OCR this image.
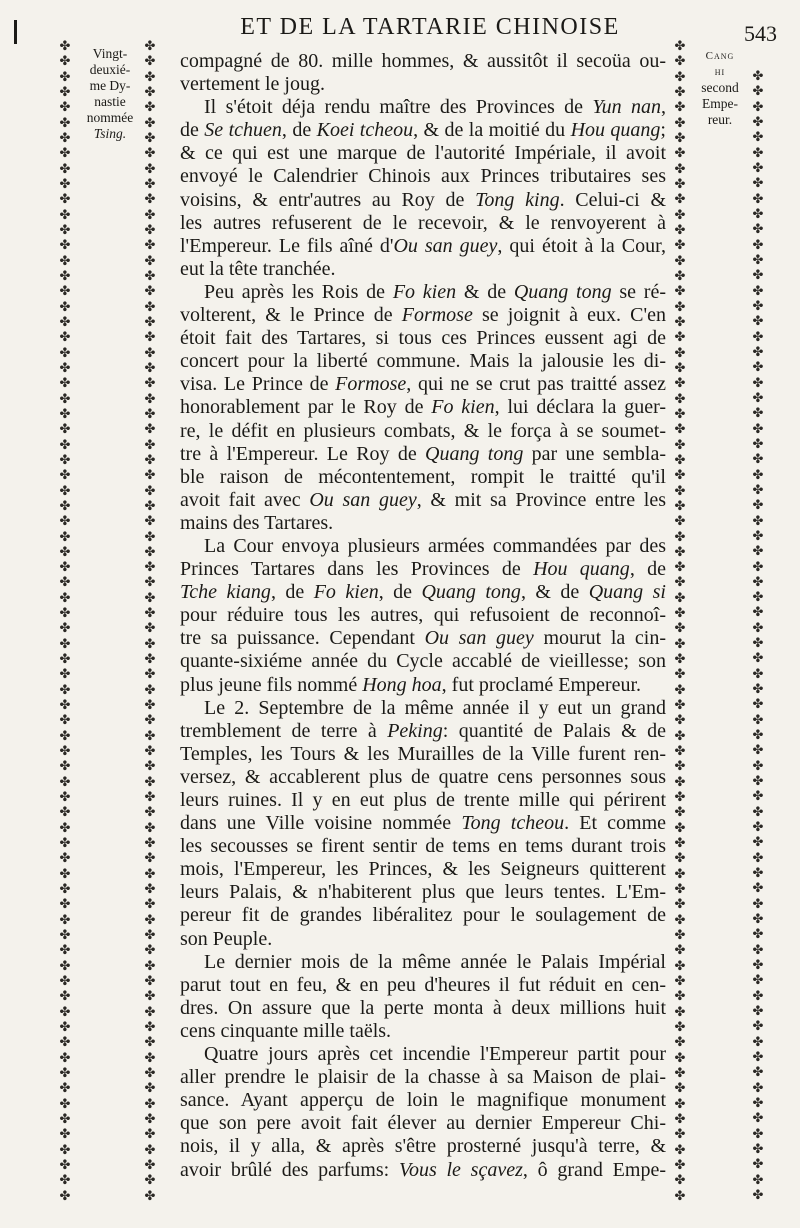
ET DE LA TARTARIE CHINOISE	543
✤
✤
✤
✤
✤
✤
✤
✤
✤
✤
✤
✤
✤
✤
✤
✤
✤
✤
✤
✤
✤
✤
✤
✤
✤
✤
✤
✤
✤
✤
✤
✤
✤
✤
✤
✤
✤
✤
✤
✤
✤
✤
✤
✤
✤
✤
✤
✤
✤
✤
✤
✤
✤
✤
✤
✤
✤
✤
✤
✤
✤
✤
✤
✤
✤
✤
✤
✤
✤
✤
✤
✤
✤
✤
✤
✤
✤
✤
✤
✤
✤
✤
✤
✤
✤
✤
✤
✤
✤
✤
✤
✤
✤
✤
✤
✤
✤
✤
✤
✤
✤
✤
✤
✤
✤
✤
✤
✤
✤
✤
✤
✤
✤
✤
✤
✤
✤
✤
✤
✤
✤
✤
✤
✤
✤
✤
✤
✤
✤
✤
✤
✤
✤
✤
✤
✤
✤
✤
✤
✤
✤
✤
✤
✤
✤
✤
✤
✤
✤
✤
✤
✤
✤
✤
✤
✤
✤
✤
✤
✤
✤
✤
✤
✤
✤
✤
✤
✤
✤
✤
✤
✤
✤
✤
✤
✤
✤
✤
✤
✤
✤
✤
✤
✤
✤
✤
✤
✤
✤
✤
✤
✤
✤
✤
✤
✤
✤
✤
✤
✤
✤
✤
✤
✤
✤
✤
✤
✤
✤
✤
✤
✤
✤
✤
✤
✤
✤
✤
✤
✤
✤
✤
✤
✤
✤
✤
✤
✤
✤
✤
✤
✤
✤
✤
✤
✤
✤
✤
✤
✤
✤
✤
✤
✤
✤
✤
✤
✤
✤
✤
✤
✤
✤
✤
✤
✤
✤
✤
✤
✤
✤
✤
✤
✤
✤
✤
✤
✤
✤
✤
✤
✤
✤
✤
✤
✤
✤
✤
✤
✤
✤
✤
✤
✤
✤
✤
✤
✤
✤
✤
✤
✤
✤
✤
✤
✤
✤
✤
✤
✤
✤
✤
Vingt-
deuxié-
me Dy-
nastie
nommée
Tsing.
Cang
hi
second
Empe-
reur.
compagné de 80. mille hommes, & aussitôt il secoüa ou-
vertement le joug.
Il s'étoit déja rendu maître des Provinces de Yun nan,
de Se tchuen, de Koei tcheou, & de la moitié du Hou quang;
& ce qui est une marque de l'autorité Impériale, il avoit
envoyé le Calendrier Chinois aux Princes tributaires ses
voisins, & entr'autres au Roy de Tong king. Celui-ci &
les autres refuserent de le recevoir, & le renvoyerent à
l'Empereur. Le fils aîné d'Ou san guey, qui étoit à la Cour,
eut la tête tranchée.
Peu après les Rois de Fo kien & de Quang tong se ré-
volterent, & le Prince de Formose se joignit à eux. C'en
étoit fait des Tartares, si tous ces Princes eussent agi de
concert pour la liberté commune. Mais la jalousie les di-
visa. Le Prince de Formose, qui ne se crut pas traitté assez
honorablement par le Roy de Fo kien, lui déclara la guer-
re, le défit en plusieurs combats, & le força à se soumet-
tre à l'Empereur. Le Roy de Quang tong par une sembla-
ble raison de mécontentement, rompit le traitté qu'il
avoit fait avec Ou san guey, & mit sa Province entre les
mains des Tartares.
La Cour envoya plusieurs armées commandées par des
Princes Tartares dans les Provinces de Hou quang, de
Tche kiang, de Fo kien, de Quang tong, & de Quang si
pour réduire tous les autres, qui refusoient de reconnoî-
tre sa puissance. Cependant Ou san guey mourut la cin-
quante-sixiéme année du Cycle accablé de vieillesse; son
plus jeune fils nommé Hong hoa, fut proclamé Empereur.
Le 2. Septembre de la même année il y eut un grand
tremblement de terre à Peking: quantité de Palais & de
Temples, les Tours & les Murailles de la Ville furent ren-
versez, & accablerent plus de quatre cens personnes sous
leurs ruines. Il y en eut plus de trente mille qui périrent
dans une Ville voisine nommée Tong tcheou. Et comme
les secousses se firent sentir de tems en tems durant trois
mois, l'Empereur, les Princes, & les Seigneurs quitterent
leurs Palais, & n'habiterent plus que leurs tentes. L'Em-
pereur fit de grandes libéralitez pour le soulagement de
son Peuple.
Le dernier mois de la même année le Palais Impérial
parut tout en feu, & en peu d'heures il fut réduit en cen-
dres. On assure que la perte monta à deux millions huit
cens cinquante mille taëls.
Quatre jours après cet incendie l'Empereur partit pour
aller prendre le plaisir de la chasse à sa Maison de plai-
sance. Ayant apperçu de loin le magnifique monument
que son pere avoit fait élever au dernier Empereur Chi-
nois, il y alla, & après s'être prosterné jusqu'à terre, &
avoir brûlé des parfums: Vous le sçavez, ô grand Empe-
